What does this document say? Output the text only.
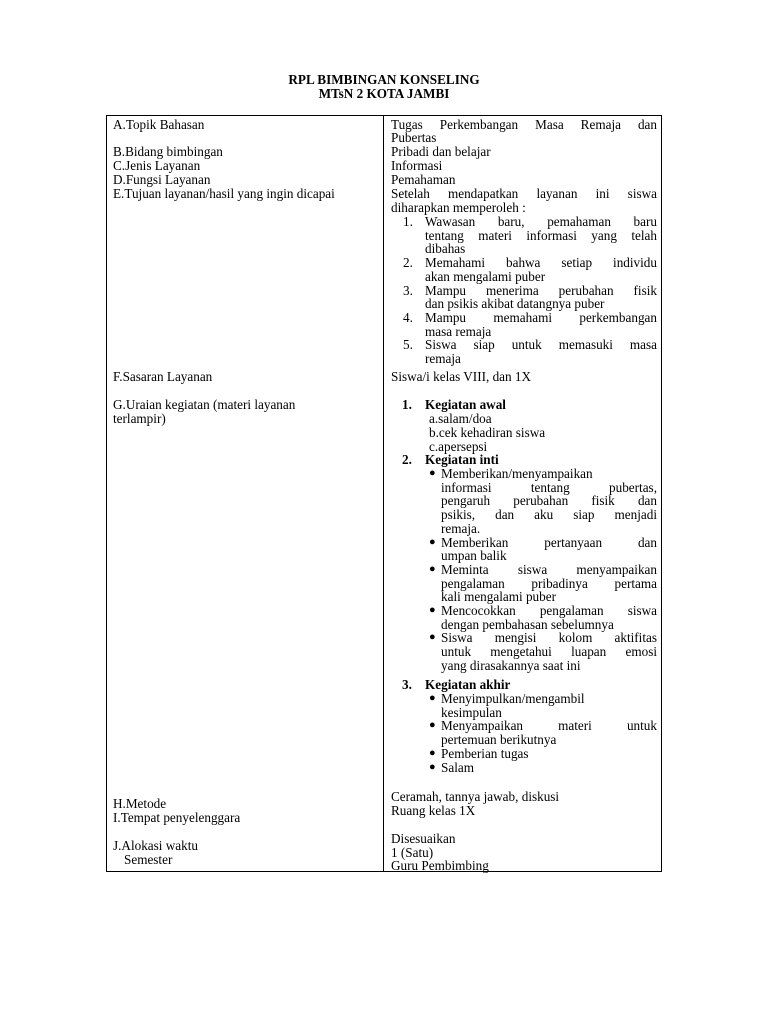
RPL BIMBINGAN KONSELING
MTsN 2 KOTA JAMBI
A.Topik Bahasan
B.Bidang bimbingan
C.Jenis Layanan
D.Fungsi Layanan
E.Tujuan layanan/hasil yang ingin dicapai
F.Sasaran Layanan
G.Uraian kegiatan (materi layanan
terlampir)
H.Metode
I.Tempat penyelenggara
J.Alokasi waktu
Semester
Tugas Perkembangan Masa Remaja dan
Pubertas
Pribadi dan belajar
Informasi
Pemahaman
Setelah mendapatkan layanan ini siswa
diharapkan memperoleh :
1. Wawasan baru, pemahaman baru
tentang materi informasi yang telah
dibahas
2. Memahami bahwa setiap individu
akan mengalami puber
3. Mampu menerima perubahan fisik
dan psikis akibat datangnya puber
4. Mampu memahami perkembangan
masa remaja
5. Siswa siap untuk memasuki masa
remaja
Siswa/i kelas VIII, dan 1X
1. Kegiatan awal
a.salam/doa
b.cek kehadiran siswa
c.apersepsi
2. Kegiatan inti
● Memberikan/menyampaikan
informasi tentang pubertas,
pengaruh perubahan fisik dan
psikis, dan aku siap menjadi
remaja.
● Memberikan pertanyaan dan
umpan balik
● Meminta siswa menyampaikan
pengalaman pribadinya pertama
kali mengalami puber
● Mencocokkan pengalaman siswa
dengan pembahasan sebelumnya
● Siswa mengisi kolom aktifitas
untuk mengetahui luapan emosi
yang dirasakannya saat ini
3. Kegiatan akhir
● Menyimpulkan/mengambil
kesimpulan
● Menyampaikan materi untuk
pertemuan berikutnya
● Pemberian tugas
● Salam
Ceramah, tannya jawab, diskusi
Ruang kelas 1X
Disesuaikan
1 (Satu)
Guru Pembimbing
